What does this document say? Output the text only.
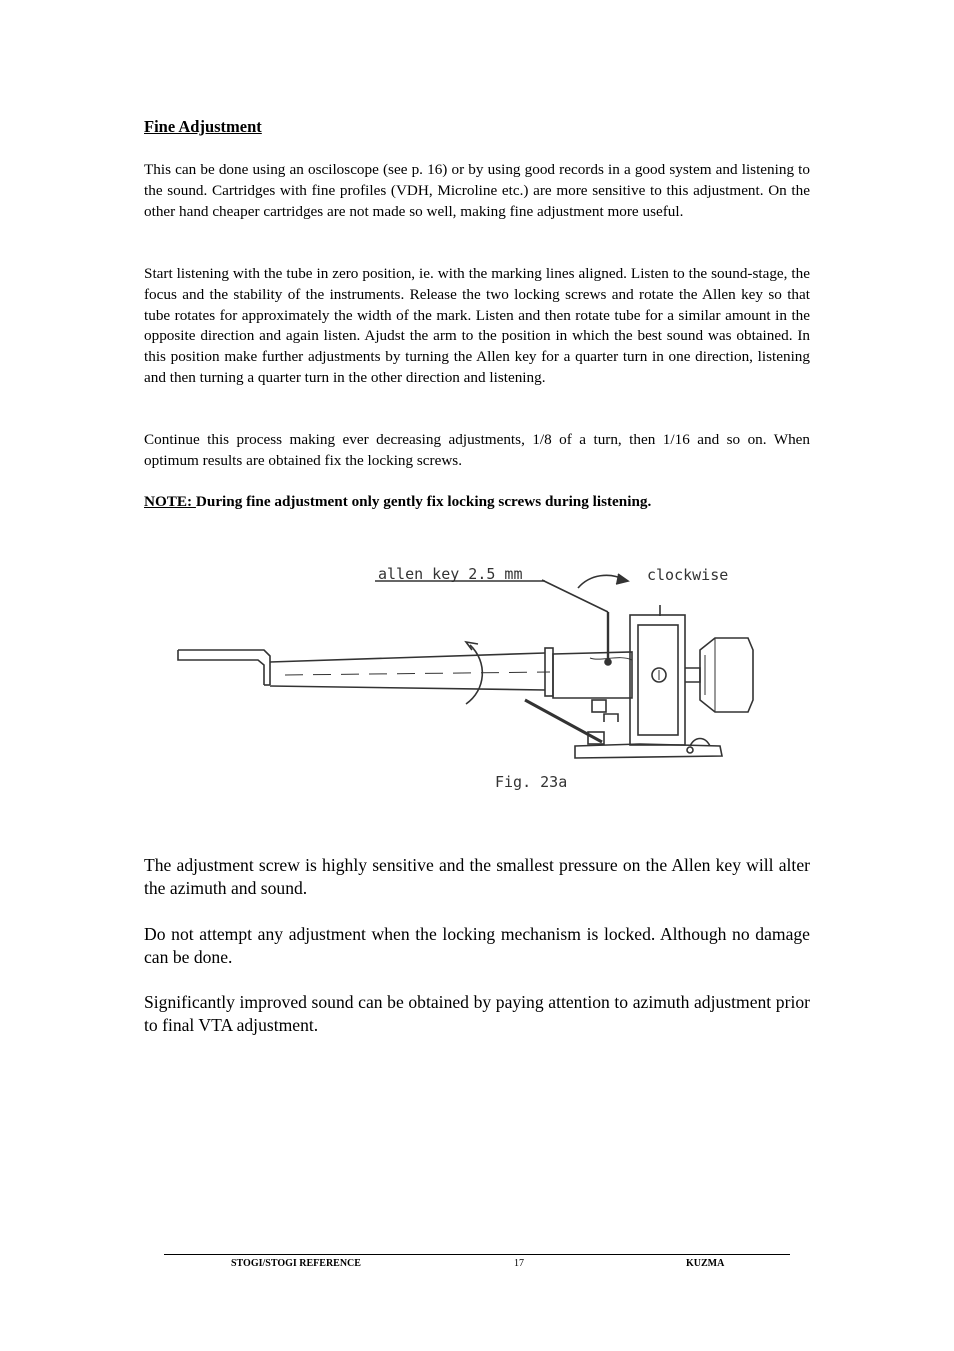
Fine Adjustment

This can be done using an osciloscope (see p. 16) or by using good records in a good system and listening to the sound. Cartridges with fine profiles (VDH, Microline etc.) are more sensitive to this adjustment. On the other hand cheaper cartridges are not made so well, making fine adjustment more useful.

Start listening with the tube in zero position, ie. with the marking lines aligned. Listen to the sound-stage, the focus and the stability of the instruments. Release the two locking screws and rotate the Allen key so that tube rotates for approximately the width of the mark. Listen and then rotate tube for a similar amount in the opposite direction and again listen. Ajudst the arm to the position in which the best sound was obtained. In this position make further adjustments by turning the Allen key for a quarter turn in one direction, listening and then turning a quarter turn in the other direction and listening.

Continue this process making ever decreasing adjustments, 1/8 of a turn, then 1/16 and so on. When optimum results are obtained fix the locking screws.

NOTE: During fine adjustment only gently fix locking screws during listening.
allen key 2.5 mm	clockwise
Fig. 23a

The adjustment screw is highly sensitive and the smallest pressure on the Allen key will alter the azimuth and sound.

Do not attempt any adjustment when the locking mechanism is locked. Although no damage can be done.

Significantly improved sound can be obtained by paying attention to azimuth adjustment prior to final VTA adjustment.

STOGI/STOGI REFERENCE	17	KUZMA
